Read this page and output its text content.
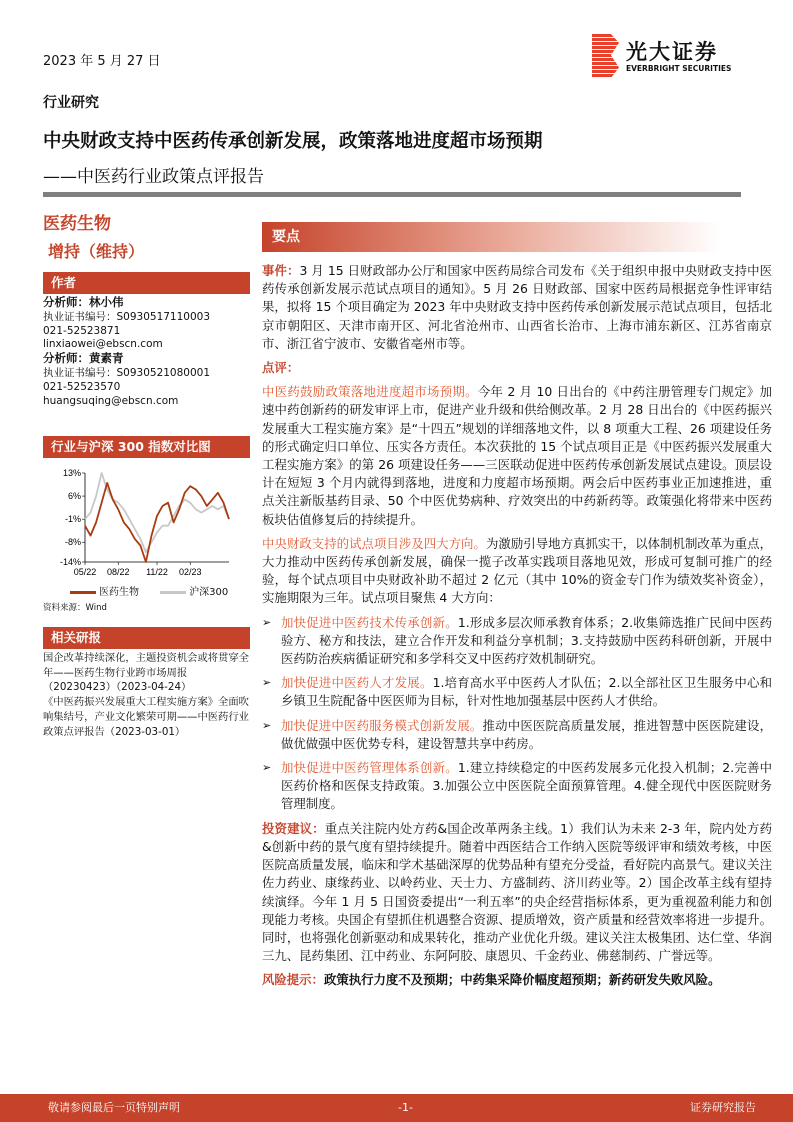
2023 年 5 月 27 日	光大证券
EVERBRIGHT SECURITIES
行业研究
中央财政支持中医药传承创新发展，政策落地进度超市场预期
——中医药行业政策点评报告
医药生物
增持（维持）
作者
分析师：林小伟
执业证书编号：S0930517110003
021-52523871
linxiaowei@ebscn.com
分析师：黄素青
执业证书编号：S0930521080001
021-52523570
huangsuqing@ebscn.com
行业与沪深 300 指数对比图
13%
6%
-1%
-8%
-14%
05/22 08/22 11/22 02/23
医药生物
	沪深300
资料来源：Wind
相关研报
国企改革持续深化，主题投资机会或将贯穿全年——医药生物行业跨市场周报（20230423）（2023-04-24）
《中医药振兴发展重大工程实施方案》全面吹响集结号，产业文化繁荣可期——中医药行业政策点评报告（2023-03-01）
要点
事件：3 月 15 日财政部办公厅和国家中医药局综合司发布《关于组织申报中央财政支持中医药传承创新发展示范试点项目的通知》。5 月 26 日财政部、国家中医药局根据竞争性评审结果，拟将 15 个项目确定为 2023 年中央财政支持中医药传承创新发展示范试点项目，包括北京市朝阳区、天津市南开区、河北省沧州市、山西省长治市、上海市浦东新区、江苏省南京市、浙江省宁波市、安徽省亳州市等。
点评：
中医药鼓励政策落地进度超市场预期。今年 2 月 10 日出台的《中药注册管理专门规定》加速中药创新药的研发审评上市，促进产业升级和供给侧改革。2 月 28 日出台的《中医药振兴发展重大工程实施方案》是“十四五”规划的详细落地文件，以 8 项重大工程、26 项建设任务的形式确定归口单位、压实各方责任。本次获批的 15 个试点项目正是《中医药振兴发展重大工程实施方案》的第 26 项建设任务——三医联动促进中医药传承创新发展试点建设。顶层设计在短短 3 个月内就得到落地，进度和力度超市场预期。两会后中医药事业正加速推进，重点关注新版基药目录、50 个中医优势病种、疗效突出的中药新药等。政策强化将带来中医药板块估值修复后的持续提升。
中央财政支持的试点项目涉及四大方向。为激励引导地方真抓实干，以体制机制改革为重点，大力推动中医药传承创新发展，确保一揽子改革实践项目落地见效，形成可复制可推广的经验，每个试点项目中央财政补助不超过 2 亿元（其中 10%的资金专门作为绩效奖补资金），实施期限为三年。试点项目聚焦 4 大方向：
➢ 加快促进中医药技术传承创新。1.形成多层次师承教育体系；2.收集筛选推广民间中医药验方、秘方和技法，建立合作开发和利益分享机制；3.支持鼓励中医药科研创新，开展中医药防治疾病循证研究和多学科交叉中医药疗效机制研究。
➢ 加快促进中医药人才发展。1.培育高水平中医药人才队伍；2.以全部社区卫生服务中心和乡镇卫生院配备中医医师为目标，针对性地加强基层中医药人才供给。
➢ 加快促进中医药服务模式创新发展。推动中医医院高质量发展，推进智慧中医医院建设，做优做强中医优势专科，建设智慧共享中药房。
➢ 加快促进中医药管理体系创新。1.建立持续稳定的中医药发展多元化投入机制；2.完善中医药价格和医保支持政策。3.加强公立中医医院全面预算管理。4.健全现代中医医院财务管理制度。
投资建议：重点关注院内处方药&国企改革两条主线。1）我们认为未来 2-3 年，院内处方药&创新中药的景气度有望持续提升。随着中西医结合工作纳入医院等级评审和绩效考核，中医医院高质量发展，临床和学术基础深厚的优势品种有望充分受益，看好院内高景气。建议关注佐力药业、康缘药业、以岭药业、天士力、方盛制药、济川药业等。2）国企改革主线有望持续演绎。今年 1 月 5 日国资委提出“一利五率”的央企经营指标体系，更为重视盈利能力和创现能力考核。央国企有望抓住机遇整合资源、提质增效，资产质量和经营效率将进一步提升。同时，也将强化创新驱动和成果转化，推动产业优化升级。建议关注太极集团、达仁堂、华润三九、昆药集团、江中药业、东阿阿胶、康恩贝、千金药业、佛慈制药、广誉远等。
风险提示：政策执行力度不及预期；中药集采降价幅度超预期；新药研发失败风险。
敬请参阅最后一页特别声明	-1-	证券研究报告
